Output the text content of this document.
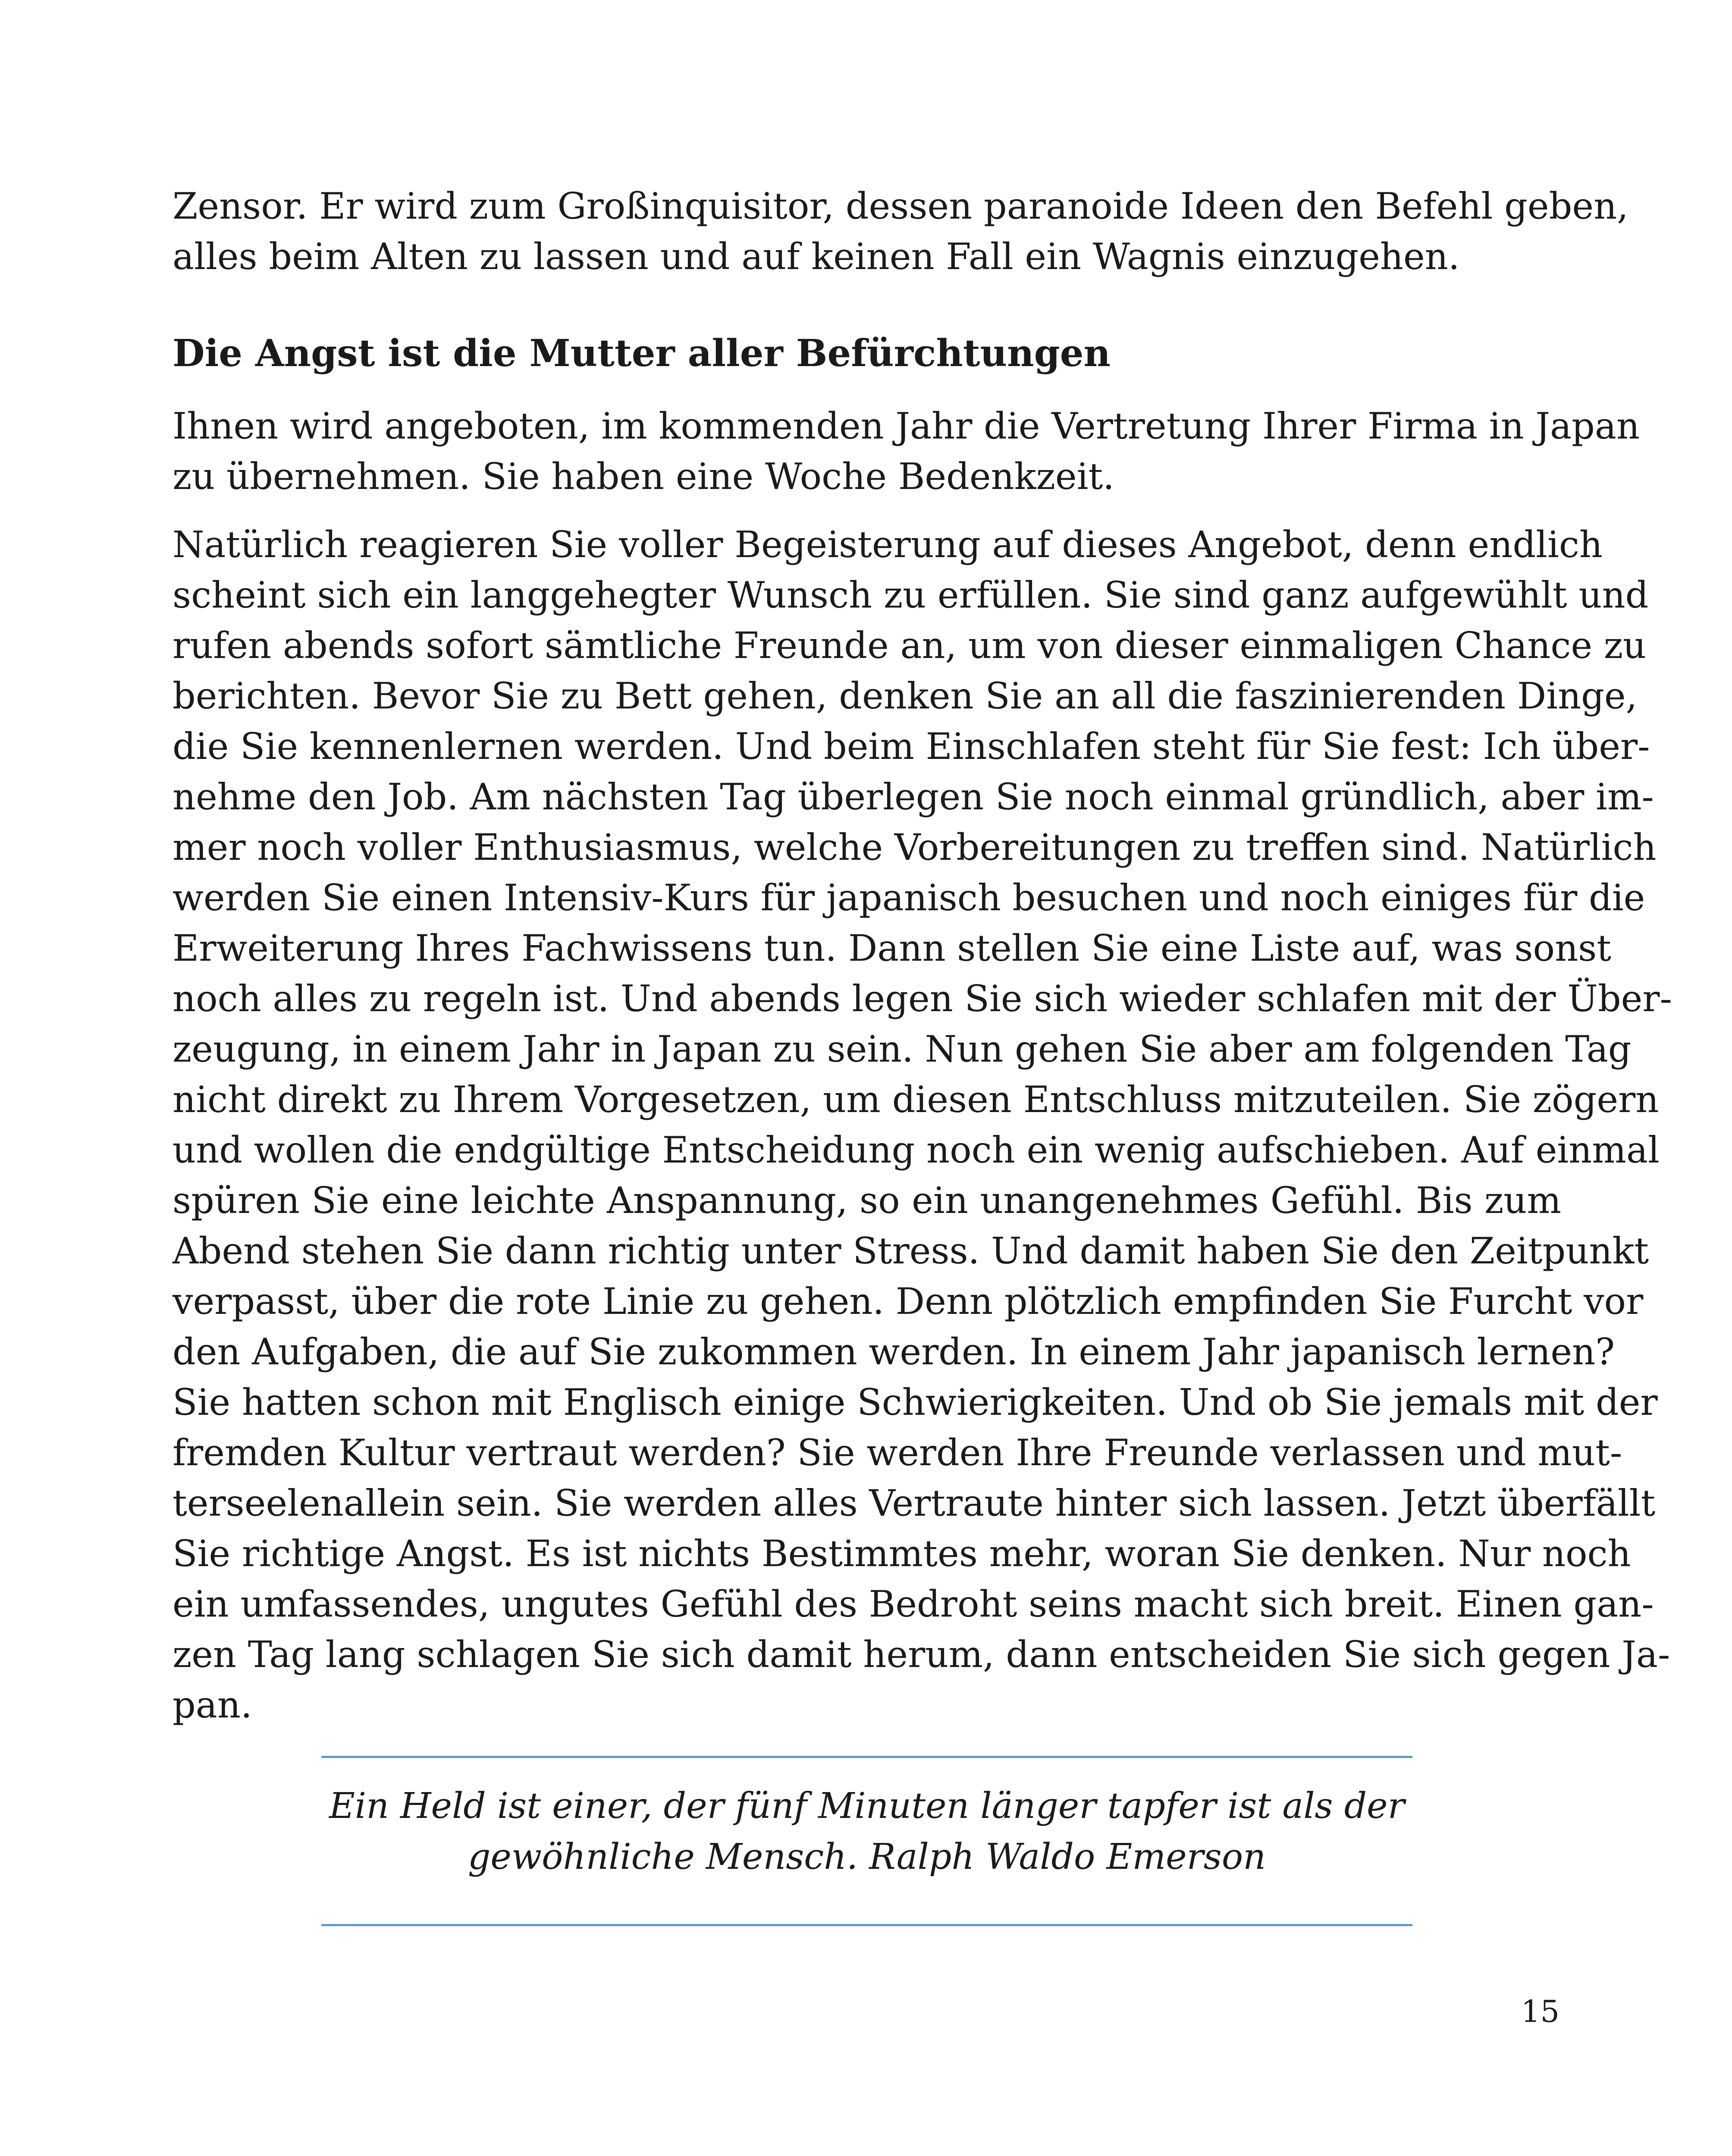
Zensor. Er wird zum Großinquisitor, dessen paranoide Ideen den Befehl geben,
alles beim Alten zu lassen und auf keinen Fall ein Wagnis einzugehen.
Die Angst ist die Mutter aller Befürchtungen
Ihnen wird angeboten, im kommenden Jahr die Vertretung Ihrer Firma in Japan
zu übernehmen. Sie haben eine Woche Bedenkzeit.
Natürlich reagieren Sie voller Begeisterung auf dieses Angebot, denn endlich
scheint sich ein langgehegter Wunsch zu erfüllen. Sie sind ganz aufgewühlt und
rufen abends sofort sämtliche Freunde an, um von dieser einmaligen Chance zu
berichten. Bevor Sie zu Bett gehen, denken Sie an all die faszinierenden Dinge,
die Sie kennenlernen werden. Und beim Einschlafen steht für Sie fest: Ich über-
nehme den Job. Am nächsten Tag überlegen Sie noch einmal gründlich, aber im-
mer noch voller Enthusiasmus, welche Vorbereitungen zu treffen sind. Natürlich
werden Sie einen Intensiv-Kurs für japanisch besuchen und noch einiges für die
Erweiterung Ihres Fachwissens tun. Dann stellen Sie eine Liste auf, was sonst
noch alles zu regeln ist. Und abends legen Sie sich wieder schlafen mit der Über-
zeugung, in einem Jahr in Japan zu sein. Nun gehen Sie aber am folgenden Tag
nicht direkt zu Ihrem Vorgesetzen, um diesen Entschluss mitzuteilen. Sie zögern
und wollen die endgültige Entscheidung noch ein wenig aufschieben. Auf einmal
spüren Sie eine leichte Anspannung, so ein unangenehmes Gefühl. Bis zum
Abend stehen Sie dann richtig unter Stress. Und damit haben Sie den Zeitpunkt
verpasst, über die rote Linie zu gehen. Denn plötzlich empfinden Sie Furcht vor
den Aufgaben, die auf Sie zukommen werden. In einem Jahr japanisch lernen?
Sie hatten schon mit Englisch einige Schwierigkeiten. Und ob Sie jemals mit der
fremden Kultur vertraut werden? Sie werden Ihre Freunde verlassen und mut-
terseelenallein sein. Sie werden alles Vertraute hinter sich lassen. Jetzt überfällt
Sie richtige Angst. Es ist nichts Bestimmtes mehr, woran Sie denken. Nur noch
ein umfassendes, ungutes Gefühl des Bedroht seins macht sich breit. Einen gan-
zen Tag lang schlagen Sie sich damit herum, dann entscheiden Sie sich gegen Ja-
pan.
Ein Held ist einer, der fünf Minuten länger tapfer ist als der
gewöhnliche Mensch. Ralph Waldo Emerson
15
